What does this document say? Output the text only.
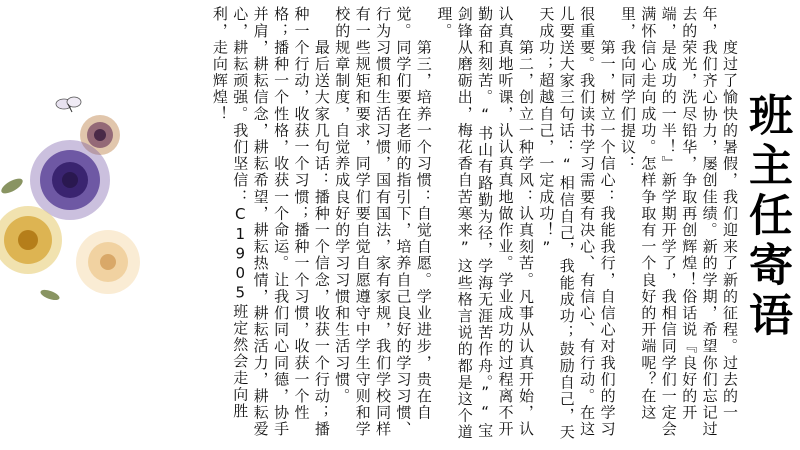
班主任寄语

　　度过了愉快的暑假，我们迎来了新的征程。过去的一年，我们齐心协力，屡创佳绩。新的学期，希望你们忘记过去的荣光，洗尽铅华，争取再创辉煌！俗话说『良好的开端，是成功的一半！』新学期开学了，我相信同学们一定会满怀信心走向成功。怎样争取有一个良好的开端呢？在这里，我向同学们提议：

　　第一，树立一个信心：我能我行，自信心对我们的学习很重要。我们读书学习需要有决心、有信心、有行动。在这儿要送大家三句话：“相信自己，我能成功；鼓励自己，天天成功；超越自己，一定成功！”

　　第二，创立一种学风：认真刻苦。凡事从认真开始，认认真真地听课，认认真真地做作业。学业成功的过程离不开勤奋和刻苦。“书山有路勤为径，学海无涯苦作舟。”“宝剑锋从磨砺出，梅花香自苦寒来”这些格言说的都是这个道理。

　　第三，培养一个习惯：自觉自愿。学业进步，贵在自觉。同学们要在老师的指引下，培养自己良好的学习习惯、行为习惯和生活习惯，国有国法，家有家规，我们学校同样有一些规矩和要求，同学们要自觉自愿遵守中学生守则和学校的规章制度，自觉养成良好的学习习惯和生活习惯。

　　最后送大家几句话：播种一个信念，收获一个行动；播种一个行动，收获一个习惯；播种一个习惯，收获一个性格；播种一个性格，收获一个命运。让我们同心同德，协手并肩，耕耘信念，耕耘希望，耕耘热情，耕耘活力，耕耘爱心，耕耘顽强。我们坚信：C1905班定然会走向胜利，走向辉煌！
